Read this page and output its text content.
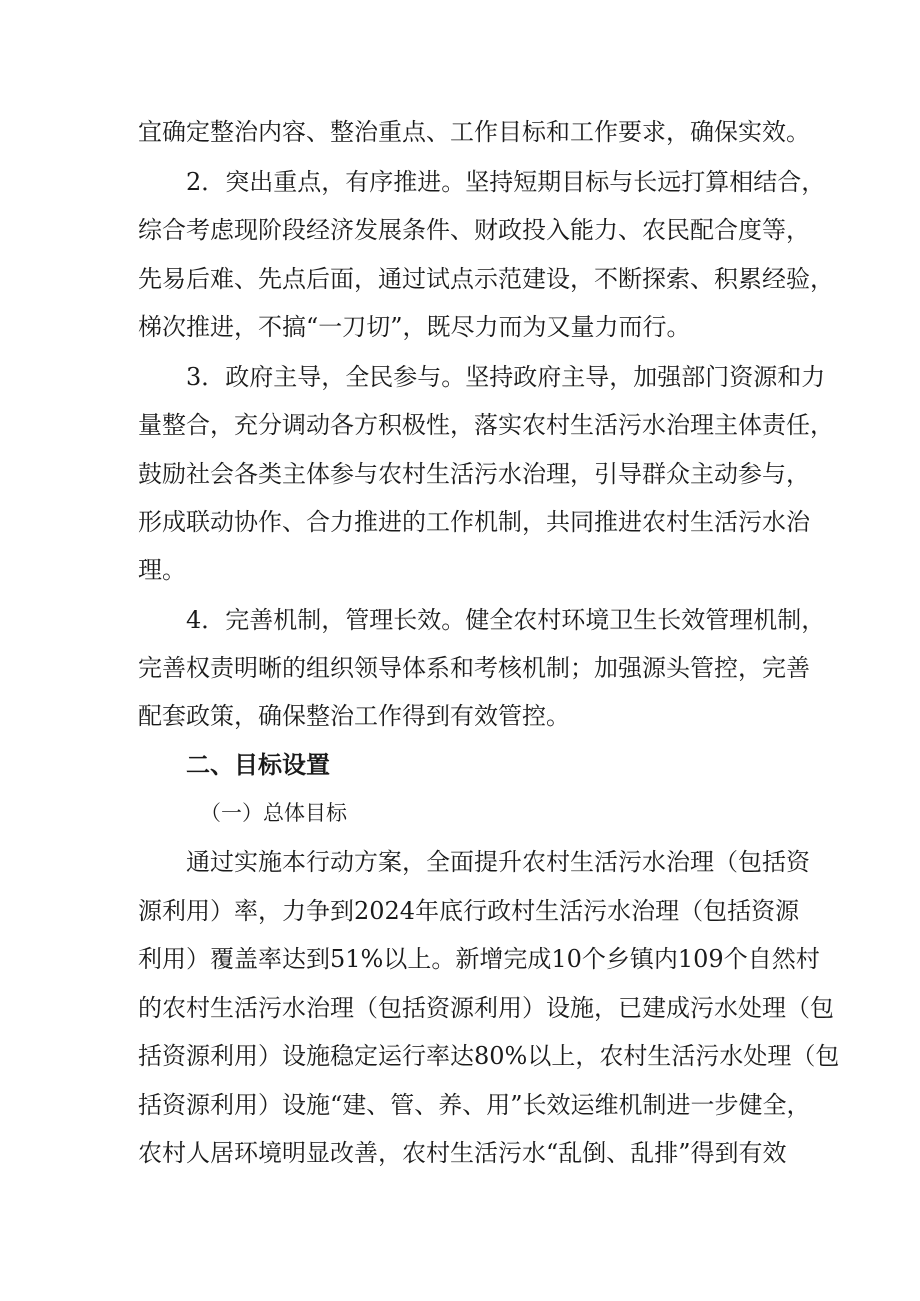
宜确定整治内容、整治重点、工作目标和工作要求，确保实效。

2．突出重点，有序推进。坚持短期目标与长远打算相结合，

综合考虑现阶段经济发展条件、财政投入能力、农民配合度等，

先易后难、先点后面，通过试点示范建设，不断探索、积累经验，

梯次推进，不搞“一刀切”，既尽力而为又量力而行。

3．政府主导，全民参与。坚持政府主导，加强部门资源和力

量整合，充分调动各方积极性，落实农村生活污水治理主体责任，

鼓励社会各类主体参与农村生活污水治理，引导群众主动参与，

形成联动协作、合力推进的工作机制，共同推进农村生活污水治

理。

4．完善机制，管理长效。健全农村环境卫生长效管理机制，

完善权责明晰的组织领导体系和考核机制；加强源头管控，完善

配套政策，确保整治工作得到有效管控。

二、目标设置

（一）总体目标

通过实施本行动方案，全面提升农村生活污水治理（包括资

源利用）率，力争到2024年底行政村生活污水治理（包括资源

利用）覆盖率达到51%以上。新增完成10个乡镇内109个自然村

的农村生活污水治理（包括资源利用）设施，已建成污水处理（包

括资源利用）设施稳定运行率达80%以上，农村生活污水处理（包

括资源利用）设施“建、管、养、用”长效运维机制进一步健全，

农村人居环境明显改善，农村生活污水“乱倒、乱排”得到有效
